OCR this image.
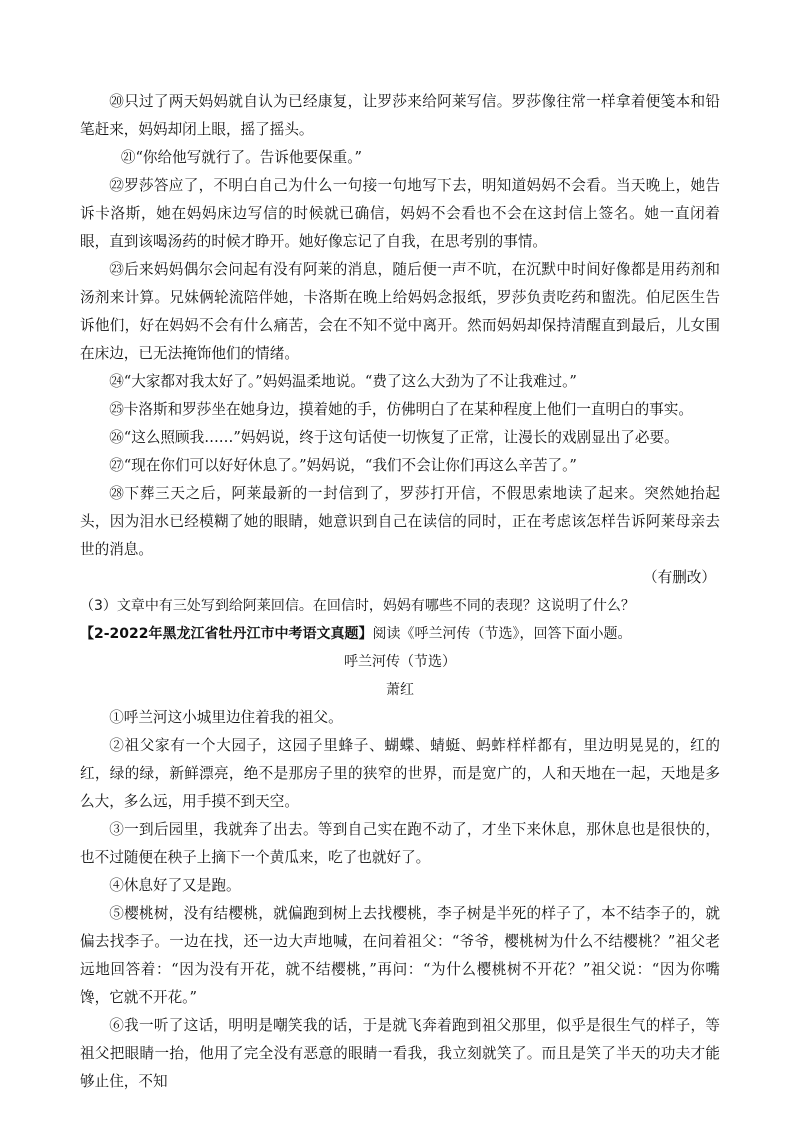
⑳只过了两天妈妈就自认为已经康复，让罗莎来给阿莱写信。罗莎像往常一样拿着便笺本和铅笔赶来，妈妈却闭上眼，摇了摇头。

㉑“你给他写就行了。告诉他要保重。”

㉒罗莎答应了，不明白自己为什么一句接一句地写下去，明知道妈妈不会看。当天晚上，她告诉卡洛斯，她在妈妈床边写信的时候就已确信，妈妈不会看也不会在这封信上签名。她一直闭着眼，直到该喝汤药的时候才睁开。她好像忘记了自我，在思考别的事情。

㉓后来妈妈偶尔会问起有没有阿莱的消息，随后便一声不吭，在沉默中时间好像都是用药剂和汤剂来计算。兄妹俩轮流陪伴她，卡洛斯在晚上给妈妈念报纸，罗莎负责吃药和盥洗。伯尼医生告诉他们，好在妈妈不会有什么痛苦，会在不知不觉中离开。然而妈妈却保持清醒直到最后，儿女围在床边，已无法掩饰他们的情绪。

㉔“大家都对我太好了。”妈妈温柔地说。“费了这么大劲为了不让我难过。”

㉕卡洛斯和罗莎坐在她身边，摸着她的手，仿佛明白了在某种程度上他们一直明白的事实。

㉖“这么照顾我……”妈妈说，终于这句话使一切恢复了正常，让漫长的戏剧显出了必要。

㉗“现在你们可以好好休息了。”妈妈说，“我们不会让你们再这么辛苦了。”

㉘下葬三天之后，阿莱最新的一封信到了，罗莎打开信，不假思索地读了起来。突然她抬起头，因为泪水已经模糊了她的眼睛，她意识到自己在读信的同时，正在考虑该怎样告诉阿莱母亲去世的消息。

（有删改）

（3）文章中有三处写到给阿莱回信。在回信时，妈妈有哪些不同的表现？这说明了什么？

【2-2022年黑龙江省牡丹江市中考语文真题】阅读《呼兰河传（节选》，回答下面小题。

呼兰河传（节选）

萧红

①呼兰河这小城里边住着我的祖父。

②祖父家有一个大园子，这园子里蜂子、蝴蝶、蜻蜓、蚂蚱样样都有，里边明晃晃的，红的红，绿的绿，新鲜漂亮，绝不是那房子里的狭窄的世界，而是宽广的，人和天地在一起，天地是多么大，多么远，用手摸不到天空。

③一到后园里，我就奔了出去。等到自己实在跑不动了，才坐下来休息，那休息也是很快的，也不过随便在秧子上摘下一个黄瓜来，吃了也就好了。

④休息好了又是跑。

⑤樱桃树，没有结樱桃，就偏跑到树上去找樱桃，李子树是半死的样子了，本不结李子的，就偏去找李子。一边在找，还一边大声地喊，在问着祖父：“爷爷，樱桃树为什么不结樱桃？”祖父老远地回答着：“因为没有开花，就不结樱桃，”再问：“为什么樱桃树不开花？”祖父说：“因为你嘴馋，它就不开花。”

⑥我一听了这话，明明是嘲笑我的话，于是就飞奔着跑到祖父那里，似乎是很生气的样子，等祖父把眼睛一抬，他用了完全没有恶意的眼睛一看我，我立刻就笑了。而且是笑了半天的功夫才能够止住，不知
